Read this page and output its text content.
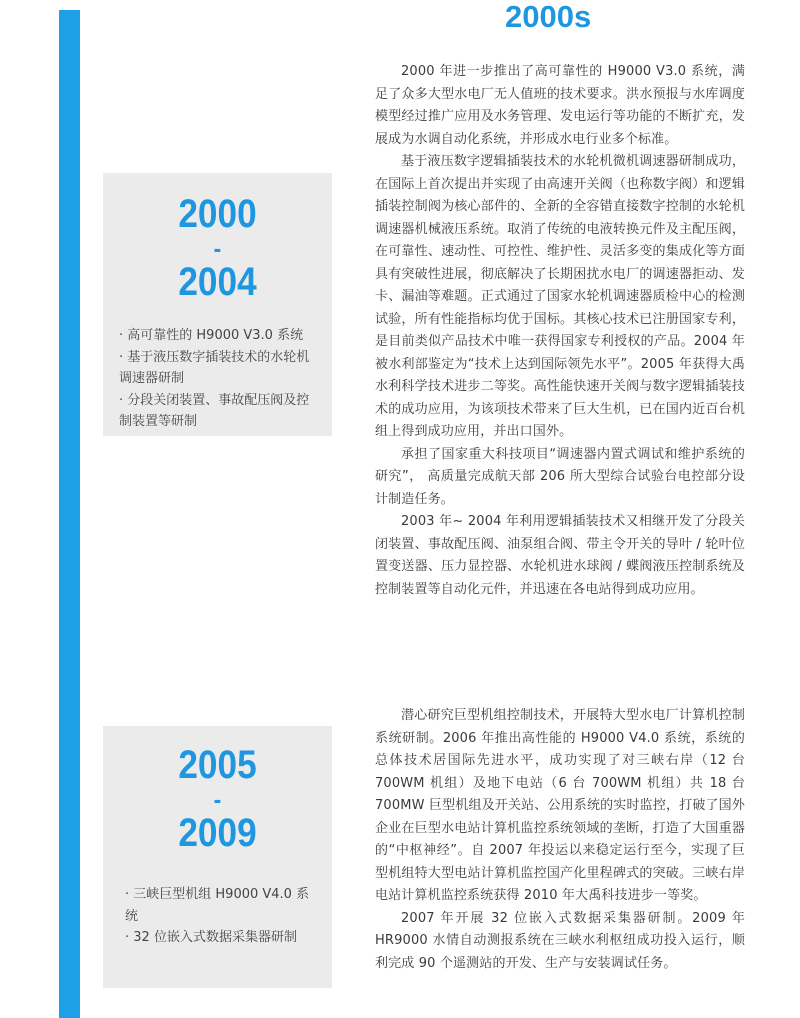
2000s
2000
-
2004
· 高可靠性的 H9000 V3.0 系统
· 基于液压数字插装技术的水轮机调速器研制
· 分段关闭装置、事故配压阀及控制装置等研制

2000 年进一步推出了高可靠性的 H9000 V3.0 系统，满足了众多大型水电厂无人值班的技术要求。洪水预报与水库调度模型经过推广应用及水务管理、发电运行等功能的不断扩充，发展成为水调自动化系统，并形成水电行业多个标准。

基于液压数字逻辑插装技术的水轮机微机调速器研制成功，在国际上首次提出并实现了由高速开关阀（也称数字阀）和逻辑插装控制阀为核心部件的、全新的全容错直接数字控制的水轮机调速器机械液压系统。取消了传统的电液转换元件及主配压阀，在可靠性、速动性、可控性、维护性、灵活多变的集成化等方面具有突破性进展，彻底解决了长期困扰水电厂的调速器拒动、发卡、漏油等难题。正式通过了国家水轮机调速器质检中心的检测试验，所有性能指标均优于国标。其核心技术已注册国家专利，是目前类似产品技术中唯一获得国家专利授权的产品。2004 年被水利部鉴定为“技术上达到国际领先水平”。2005 年获得大禹水利科学技术进步二等奖。高性能快速开关阀与数字逻辑插装技术的成功应用，为该项技术带来了巨大生机，已在国内近百台机组上得到成功应用，并出口国外。

承担了国家重大科技项目“调速器内置式调试和维护系统的研究”， 高质量完成航天部 206 所大型综合试验台电控部分设计制造任务。

2003 年~ 2004 年利用逻辑插装技术又相继开发了分段关闭装置、事故配压阀、油泵组合阀、带主令开关的导叶 / 轮叶位置变送器、压力显控器、水轮机进水球阀 / 蝶阀液压控制系统及控制装置等自动化元件，并迅速在各电站得到成功应用。

2005
-
2009
· 三峡巨型机组 H9000 V4.0 系统
· 32 位嵌入式数据采集器研制

潜心研究巨型机组控制技术，开展特大型水电厂计算机控制系统研制。2006 年推出高性能的 H9000 V4.0 系统，系统的总体技术居国际先进水平，成功实现了对三峡右岸（12 台 700WM 机组）及地下电站（6 台 700WM 机组）共 18 台 700MW 巨型机组及开关站、公用系统的实时监控，打破了国外企业在巨型水电站计算机监控系统领域的垄断，打造了大国重器的“中枢神经”。自 2007 年投运以来稳定运行至今，实现了巨型机组特大型电站计算机监控国产化里程碑式的突破。三峡右岸电站计算机监控系统获得 2010 年大禹科技进步一等奖。

2007 年开展 32 位嵌入式数据采集器研制。2009 年 HR9000 水情自动测报系统在三峡水利枢纽成功投入运行，顺利完成 90 个遥测站的开发、生产与安装调试任务。
